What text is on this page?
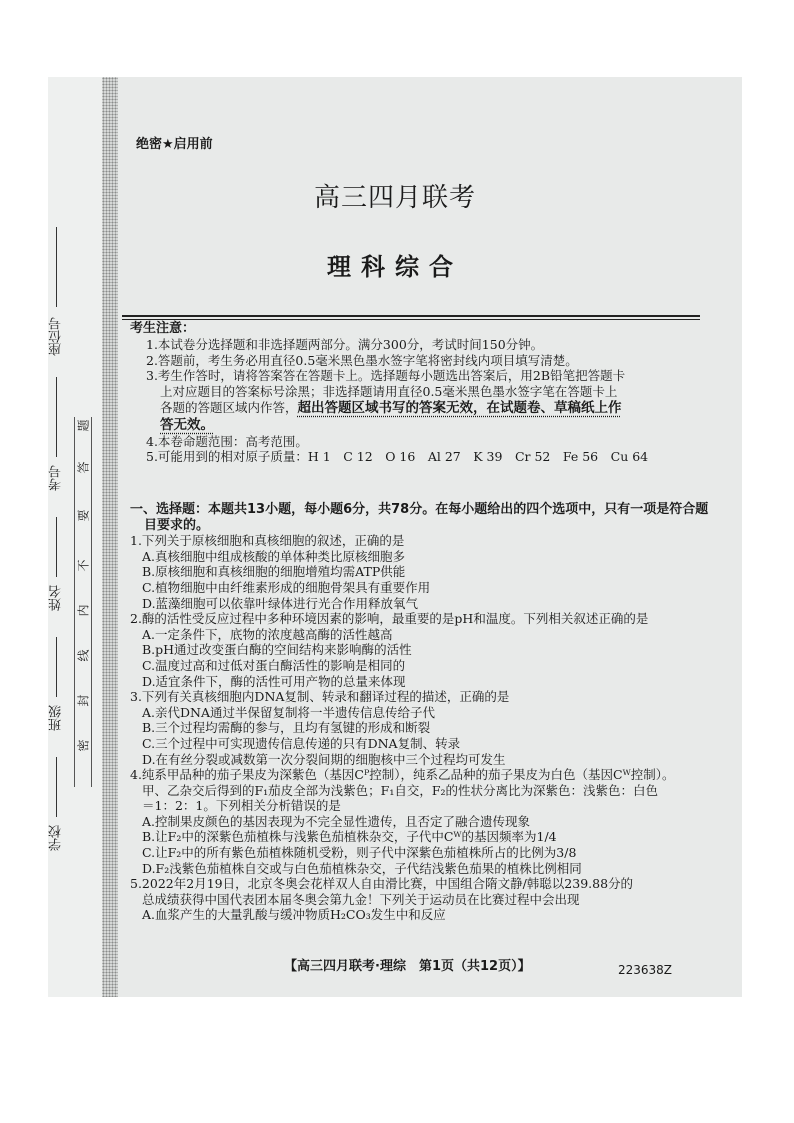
座位号
考号
姓名
班级
学校
题
答
要
不
内
线
封
密
绝密★启用前
高三四月联考
理科综合
考生注意：
1.本试卷分选择题和非选择题两部分。满分300分，考试时间150分钟。
2.答题前，考生务必用直径0.5毫米黑色墨水签字笔将密封线内项目填写清楚。
3.考生作答时，请将答案答在答题卡上。选择题每小题选出答案后，用2B铅笔把答题卡
上对应题目的答案标号涂黑；非选择题请用直径0.5毫米黑色墨水签字笔在答题卡上
各题的答题区域内作答，超出答题区域书写的答案无效，在试题卷、草稿纸上作
答无效。
4.本卷命题范围：高考范围。
5.可能用到的相对原子质量：H 1　C 12　O 16　Al 27　K 39　Cr 52　Fe 56　Cu 64
一、选择题：本题共13小题，每小题6分，共78分。在每小题给出的四个选项中，只有一项是符合题
目要求的。
1.下列关于原核细胞和真核细胞的叙述，正确的是
A.真核细胞中组成核酸的单体种类比原核细胞多
B.原核细胞和真核细胞的细胞增殖均需ATP供能
C.植物细胞中由纤维素形成的细胞骨架具有重要作用
D.蓝藻细胞可以依靠叶绿体进行光合作用释放氧气
2.酶的活性受反应过程中多种环境因素的影响，最重要的是pH和温度。下列相关叙述正确的是
A.一定条件下，底物的浓度越高酶的活性越高
B.pH通过改变蛋白酶的空间结构来影响酶的活性
C.温度过高和过低对蛋白酶活性的影响是相同的
D.适宜条件下，酶的活性可用产物的总量来体现
3.下列有关真核细胞内DNA复制、转录和翻译过程的描述，正确的是
A.亲代DNA通过半保留复制将一半遗传信息传给子代
B.三个过程均需酶的参与，且均有氢键的形成和断裂
C.三个过程中可实现遗传信息传递的只有DNA复制、转录
D.在有丝分裂或减数第一次分裂间期的细胞核中三个过程均可发生
4.纯系甲品种的茄子果皮为深紫色（基因Cᴾ控制），纯系乙品种的茄子果皮为白色（基因Cᵂ控制）。
甲、乙杂交后得到的F₁茄皮全部为浅紫色；F₁自交，F₂的性状分离比为深紫色：浅紫色：白色
＝1：2：1。下列相关分析错误的是
A.控制果皮颜色的基因表现为不完全显性遗传，且否定了融合遗传现象
B.让F₂中的深紫色茄植株与浅紫色茄植株杂交，子代中Cᵂ的基因频率为1/4
C.让F₂中的所有紫色茄植株随机受粉，则子代中深紫色茄植株所占的比例为3/8
D.F₂浅紫色茄植株自交或与白色茄植株杂交，子代结浅紫色茄果的植株比例相同
5.2022年2月19日，北京冬奥会花样双人自由滑比赛，中国组合隋文静/韩聪以239.88分的
总成绩获得中国代表团本届冬奥会第九金！下列关于运动员在比赛过程中会出现
A.血浆产生的大量乳酸与缓冲物质H₂CO₃发生中和反应
【高三四月联考·理综　第1页（共12页）】	223638Z
